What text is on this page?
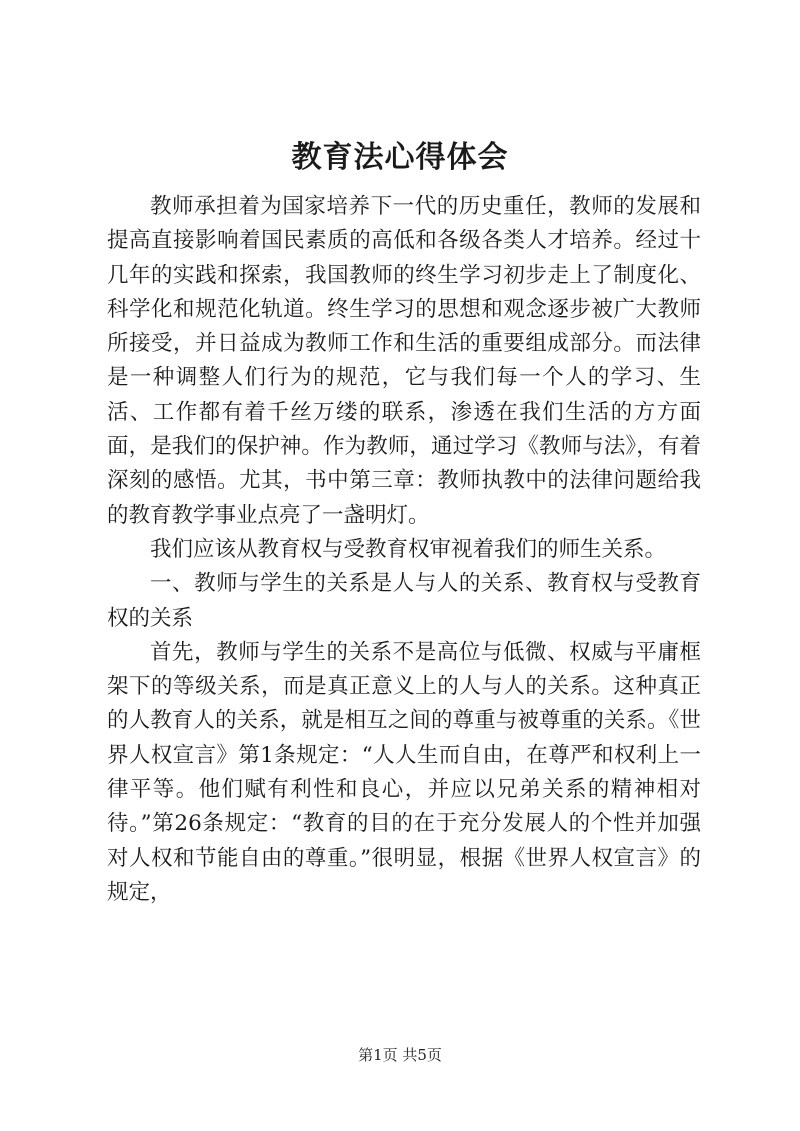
教育法心得体会

教师承担着为国家培养下一代的历史重任，教师的发展和提高直接影响着国民素质的高低和各级各类人才培养。经过十几年的实践和探索，我国教师的终生学习初步走上了制度化、科学化和规范化轨道。终生学习的思想和观念逐步被广大教师所接受，并日益成为教师工作和生活的重要组成部分。而法律是一种调整人们行为的规范，它与我们每一个人的学习、生活、工作都有着千丝万缕的联系，渗透在我们生活的方方面面，是我们的保护神。作为教师，通过学习《教师与法》，有着深刻的感悟。尤其，书中第三章：教师执教中的法律问题给我的教育教学事业点亮了一盏明灯。

我们应该从教育权与受教育权审视着我们的师生关系。

一、教师与学生的关系是人与人的关系、教育权与受教育权的关系

首先，教师与学生的关系不是高位与低微、权威与平庸框架下的等级关系，而是真正意义上的人与人的关系。这种真正的人教育人的关系，就是相互之间的尊重与被尊重的关系。《世界人权宣言》第1条规定：“人人生而自由，在尊严和权利上一律平等。他们赋有利性和良心，并应以兄弟关系的精神相对待。”第26条规定：“教育的目的在于充分发展人的个性并加强对人权和节能自由的尊重。”很明显，根据《世界人权宣言》的规定，

第1页 共5页
